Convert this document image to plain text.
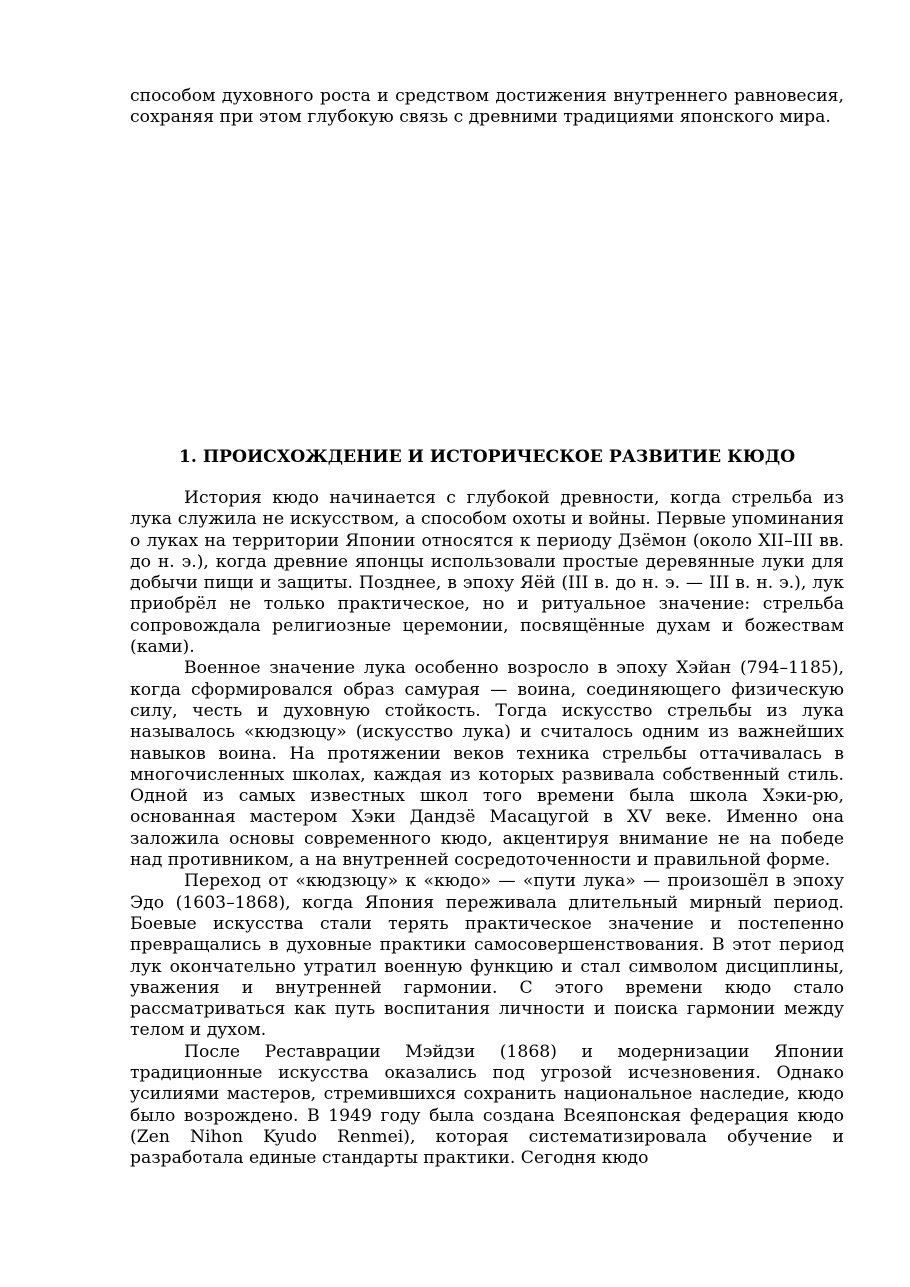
способом духовного роста и средством достижения внутреннего равновесия, сохраняя при этом глубокую связь с древними традициями японского мира.

1. ПРОИСХОЖДЕНИЕ И ИСТОРИЧЕСКОЕ РАЗВИТИЕ КЮДО

История кюдо начинается с глубокой древности, когда стрельба из лука служила не искусством, а способом охоты и войны. Первые упоминания о луках на территории Японии относятся к периоду Дзёмон (около XII–III вв. до н. э.), когда древние японцы использовали простые деревянные луки для добычи пищи и защиты. Позднее, в эпоху Яёй (III в. до н. э. — III в. н. э.), лук приобрёл не только практическое, но и ритуальное значение: стрельба сопровождала религиозные церемонии, посвящённые духам и божествам (ками).

Военное значение лука особенно возросло в эпоху Хэйан (794–1185), когда сформировался образ самурая — воина, соединяющего физическую силу, честь и духовную стойкость. Тогда искусство стрельбы из лука называлось «кюдзюцу» (искусство лука) и считалось одним из важнейших навыков воина. На протяжении веков техника стрельбы оттачивалась в многочисленных школах, каждая из которых развивала собственный стиль. Одной из самых известных школ того времени была школа Хэки-рю, основанная мастером Хэки Дандзё Масацугой в XV веке. Именно она заложила основы современного кюдо, акцентируя внимание не на победе над противником, а на внутренней сосредоточенности и правильной форме.

Переход от «кюдзюцу» к «кюдо» — «пути лука» — произошёл в эпоху Эдо (1603–1868), когда Япония переживала длительный мирный период. Боевые искусства стали терять практическое значение и постепенно превращались в духовные практики самосовершенствования. В этот период лук окончательно утратил военную функцию и стал символом дисциплины, уважения и внутренней гармонии. С этого времени кюдо стало рассматриваться как путь воспитания личности и поиска гармонии между телом и духом.

После Реставрации Мэйдзи (1868) и модернизации Японии традиционные искусства оказались под угрозой исчезновения. Однако усилиями мастеров, стремившихся сохранить национальное наследие, кюдо было возрождено. В 1949 году была создана Всеяпонская федерация кюдо (Zen Nihon Kyudo Renmei), которая систематизировала обучение и разработала единые стандарты практики. Сегодня кюдо
